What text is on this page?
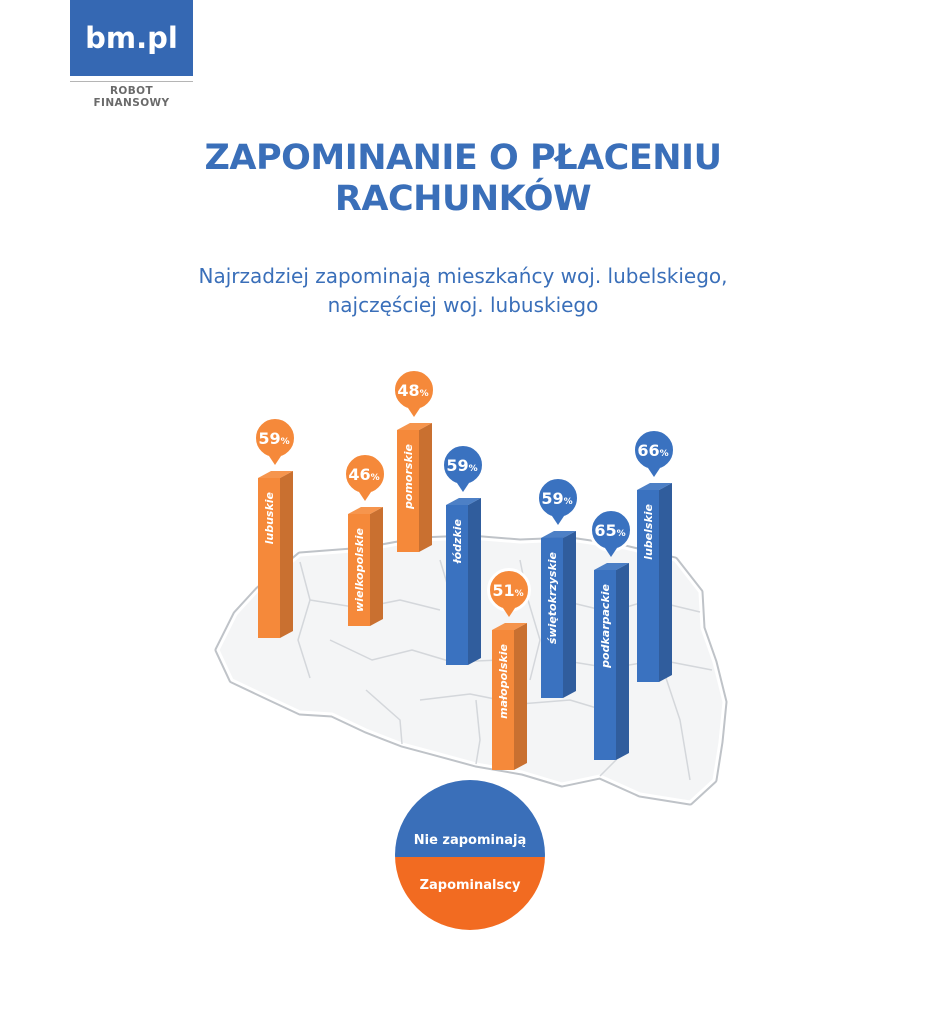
bm.pl
ROBOT FINANSOWY
ZAPOMINANIE O PŁACENIU
RACHUNKÓW
Najrzadziej zapominają mieszkańcy woj. lubelskiego,
najczęściej woj. lubuskiego
lubuskie
59%
wielkopolskie
46% pomorskie
48%
łódzkie
59%
małopolskie
51% świętokrzyskie
59%
podkarpackie
65% lubelskie
66%
Nie zapominają
Zapominalscy
